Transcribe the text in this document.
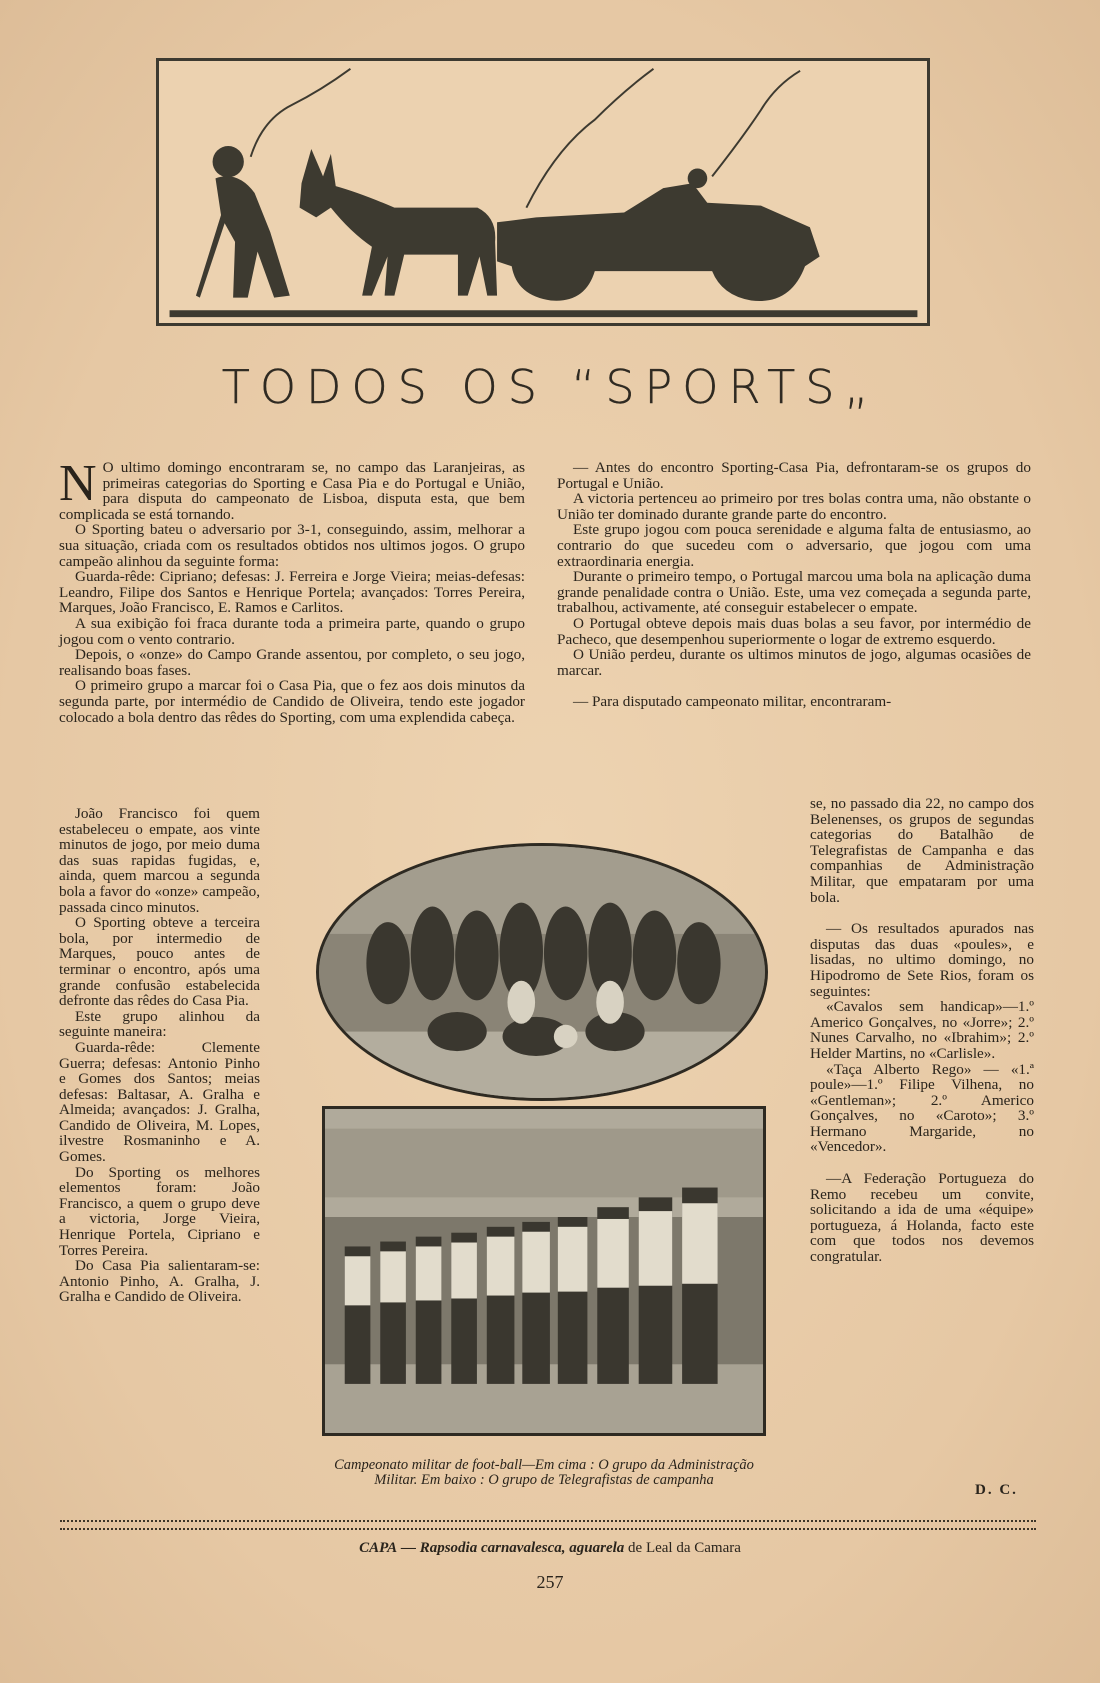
TODOS OS “SPORTS„

N O ultimo domingo encontraram se, no campo das Laranjeiras, as primeiras categorias do Sporting e Casa Pia e do Portugal e União, para disputa do campeonato de Lisboa, disputa esta, que bem complicada se está tornando.

O Sporting bateu o adversario por 3-1, conseguindo, assim, melhorar a sua situação, criada com os resultados obtidos nos ultimos jogos. O grupo campeão alinhou da seguinte forma:

Guarda-rêde: Cipriano; defesas: J. Ferreira e Jorge Vieira; meias-defesas: Leandro, Filipe dos Santos e Henrique Portela; avançados: Torres Pereira, Marques, João Francisco, E. Ramos e Carlitos.

A sua exibição foi fraca durante toda a primeira parte, quando o grupo jogou com o vento contrario.

Depois, o «onze» do Campo Grande assentou, por completo, o seu jogo, realisando boas fases.

O primeiro grupo a marcar foi o Casa Pia, que o fez aos dois minutos da segunda parte, por intermédio de Candido de Oliveira, tendo este jogador colocado a bola dentro das rêdes do Sporting, com uma explendida cabeça.

João Francisco foi quem estabeleceu o empate, aos vinte minutos de jogo, por meio duma das suas rapidas fugidas, e, ainda, quem marcou a segunda bola a favor do «onze» campeão, passada cinco minutos.

O Sporting obteve a terceira bola, por intermedio de Marques, pouco antes de terminar o encontro, após uma grande confusão estabelecida defronte das rêdes do Casa Pia.

Este grupo alinhou da seguinte maneira:

Guarda-rêde: Clemente Guerra; defesas: Antonio Pinho e Gomes dos Santos; meias defesas: Baltasar, A. Gralha e Almeida; avançados: J. Gralha, Candido de Oliveira, M. Lopes, ilvestre Rosmaninho e A. Gomes.

Do Sporting os melhores elementos foram: João Francisco, a quem o grupo deve a victoria, Jorge Vieira, Henrique Portela, Cipriano e Torres Pereira.

Do Casa Pia salientaram-se: Antonio Pinho, A. Gralha, J. Gralha e Candido de Oliveira.

— Antes do encontro Sporting-Casa Pia, defrontaram-se os grupos do Portugal e União.

A victoria pertenceu ao primeiro por tres bolas contra uma, não obstante o União ter dominado durante grande parte do encontro.

Este grupo jogou com pouca serenidade e alguma falta de entusiasmo, ao contrario do que sucedeu com o adversario, que jogou com uma extraordinaria energia.

Durante o primeiro tempo, o Portugal marcou uma bola na aplicação duma grande penalidade contra o União. Este, uma vez começada a segunda parte, trabalhou, activamente, até conseguir estabelecer o empate.

O Portugal obteve depois mais duas bolas a seu favor, por intermédio de Pacheco, que desempenhou superiormente o logar de extremo esquerdo.

O União perdeu, durante os ultimos minutos de jogo, algumas ocasiões de marcar.

— Para disputado campeonato militar, encontraram-

se, no passado dia 22, no campo dos Belenenses, os grupos de segundas categorias do Batalhão de Telegrafistas de Campanha e das companhias de Administração Militar, que empataram por uma bola.

— Os resultados apurados nas disputas das duas «poules», e lisadas, no ultimo domingo, no Hipodromo de Sete Rios, foram os seguintes:

«Cavalos sem handicap»—1.º Americo Gonçalves, no «Jorre»; 2.º Nunes Carvalho, no «Ibrahim»; 2.º Helder Martins, no «Carlisle».

«Taça Alberto Rego» — «1.ª poule»—1.º Filipe Vilhena, no «Gentleman»; 2.º Americo Gonçalves, no «Caroto»; 3.º Hermano Margaride, no «Vencedor».

—A Federação Portugueza do Remo recebeu um convite, solicitando a ida de uma «équipe» portugueza, á Holanda, facto este com que todos nos devemos congratular.

Campeonato militar de foot-ball—Em cima : O grupo da Administração Militar. Em baixo : O grupo de Telegrafistas de campanha
D. C.
CAPA — Rapsodia carnavalesca, aguarela de Leal da Camara
257
